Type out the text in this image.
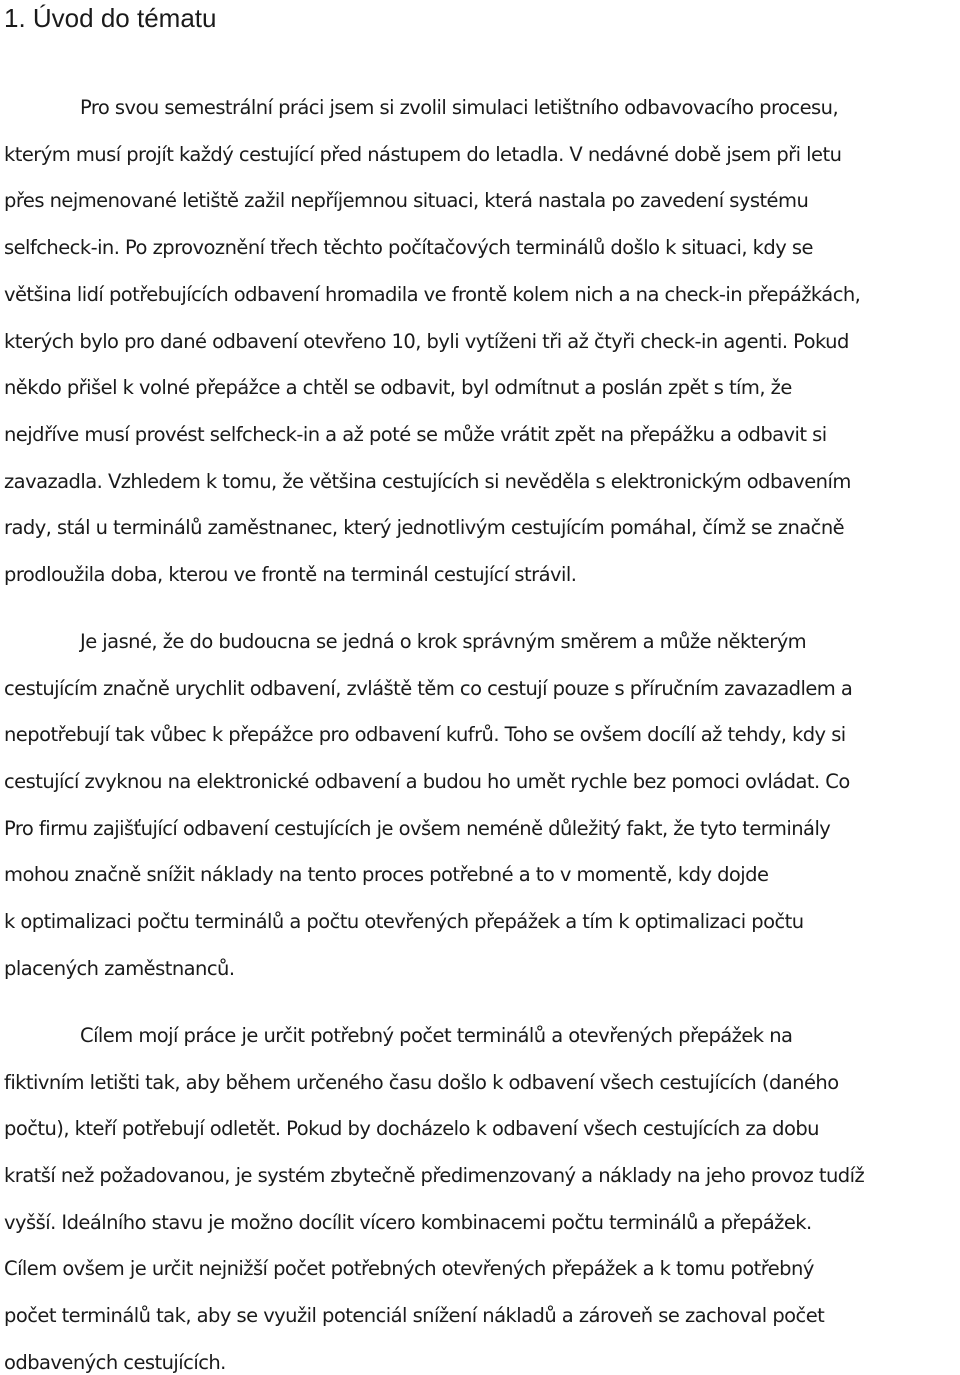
1. Úvod do tématu

Pro svou semestrální práci jsem si zvolil simulaci letištního odbavovacího procesu,

kterým musí projít každý cestující před nástupem do letadla. V nedávné době jsem při letu

přes nejmenované letiště zažil nepříjemnou situaci, která nastala po zavedení systému

selfcheck-in. Po zprovoznění třech těchto počítačových terminálů došlo k situaci, kdy se

většina lidí potřebujících odbavení hromadila ve frontě kolem nich a na check-in přepážkách,

kterých bylo pro dané odbavení otevřeno 10, byli vytíženi tři až čtyři check-in agenti. Pokud

někdo přišel k volné přepážce a chtěl se odbavit, byl odmítnut a poslán zpět s tím, že

nejdříve musí provést selfcheck-in a až poté se může vrátit zpět na přepážku a odbavit si

zavazadla. Vzhledem k tomu, že většina cestujících si nevěděla s elektronickým odbavením

rady, stál u terminálů zaměstnanec, který jednotlivým cestujícím pomáhal, čímž se značně

prodloužila doba, kterou ve frontě na terminál cestující strávil.

Je jasné, že do budoucna se jedná o krok správným směrem a může některým

cestujícím značně urychlit odbavení, zvláště těm co cestují pouze s příručním zavazadlem a

nepotřebují tak vůbec k přepážce pro odbavení kufrů. Toho se ovšem docílí až tehdy, kdy si

cestující zvyknou na elektronické odbavení a budou ho umět rychle bez pomoci ovládat. Co

Pro firmu zajišťující odbavení cestujících je ovšem neméně důležitý fakt, že tyto terminály

mohou značně snížit náklady na tento proces potřebné a to v momentě, kdy dojde

k optimalizaci počtu terminálů a počtu otevřených přepážek a tím k optimalizaci počtu

placených zaměstnanců.

Cílem mojí práce je určit potřebný počet terminálů a otevřených přepážek na

fiktivním letišti tak, aby během určeného času došlo k odbavení všech cestujících (daného

počtu), kteří potřebují odletět. Pokud by docházelo k odbavení všech cestujících za dobu

kratší než požadovanou, je systém zbytečně předimenzovaný a náklady na jeho provoz tudíž

vyšší. Ideálního stavu je možno docílit vícero kombinacemi počtu terminálů a přepážek.

Cílem ovšem je určit nejnižší počet potřebných otevřených přepážek a k tomu potřebný

počet terminálů tak, aby se využil potenciál snížení nákladů a zároveň se zachoval počet

odbavených cestujících.
